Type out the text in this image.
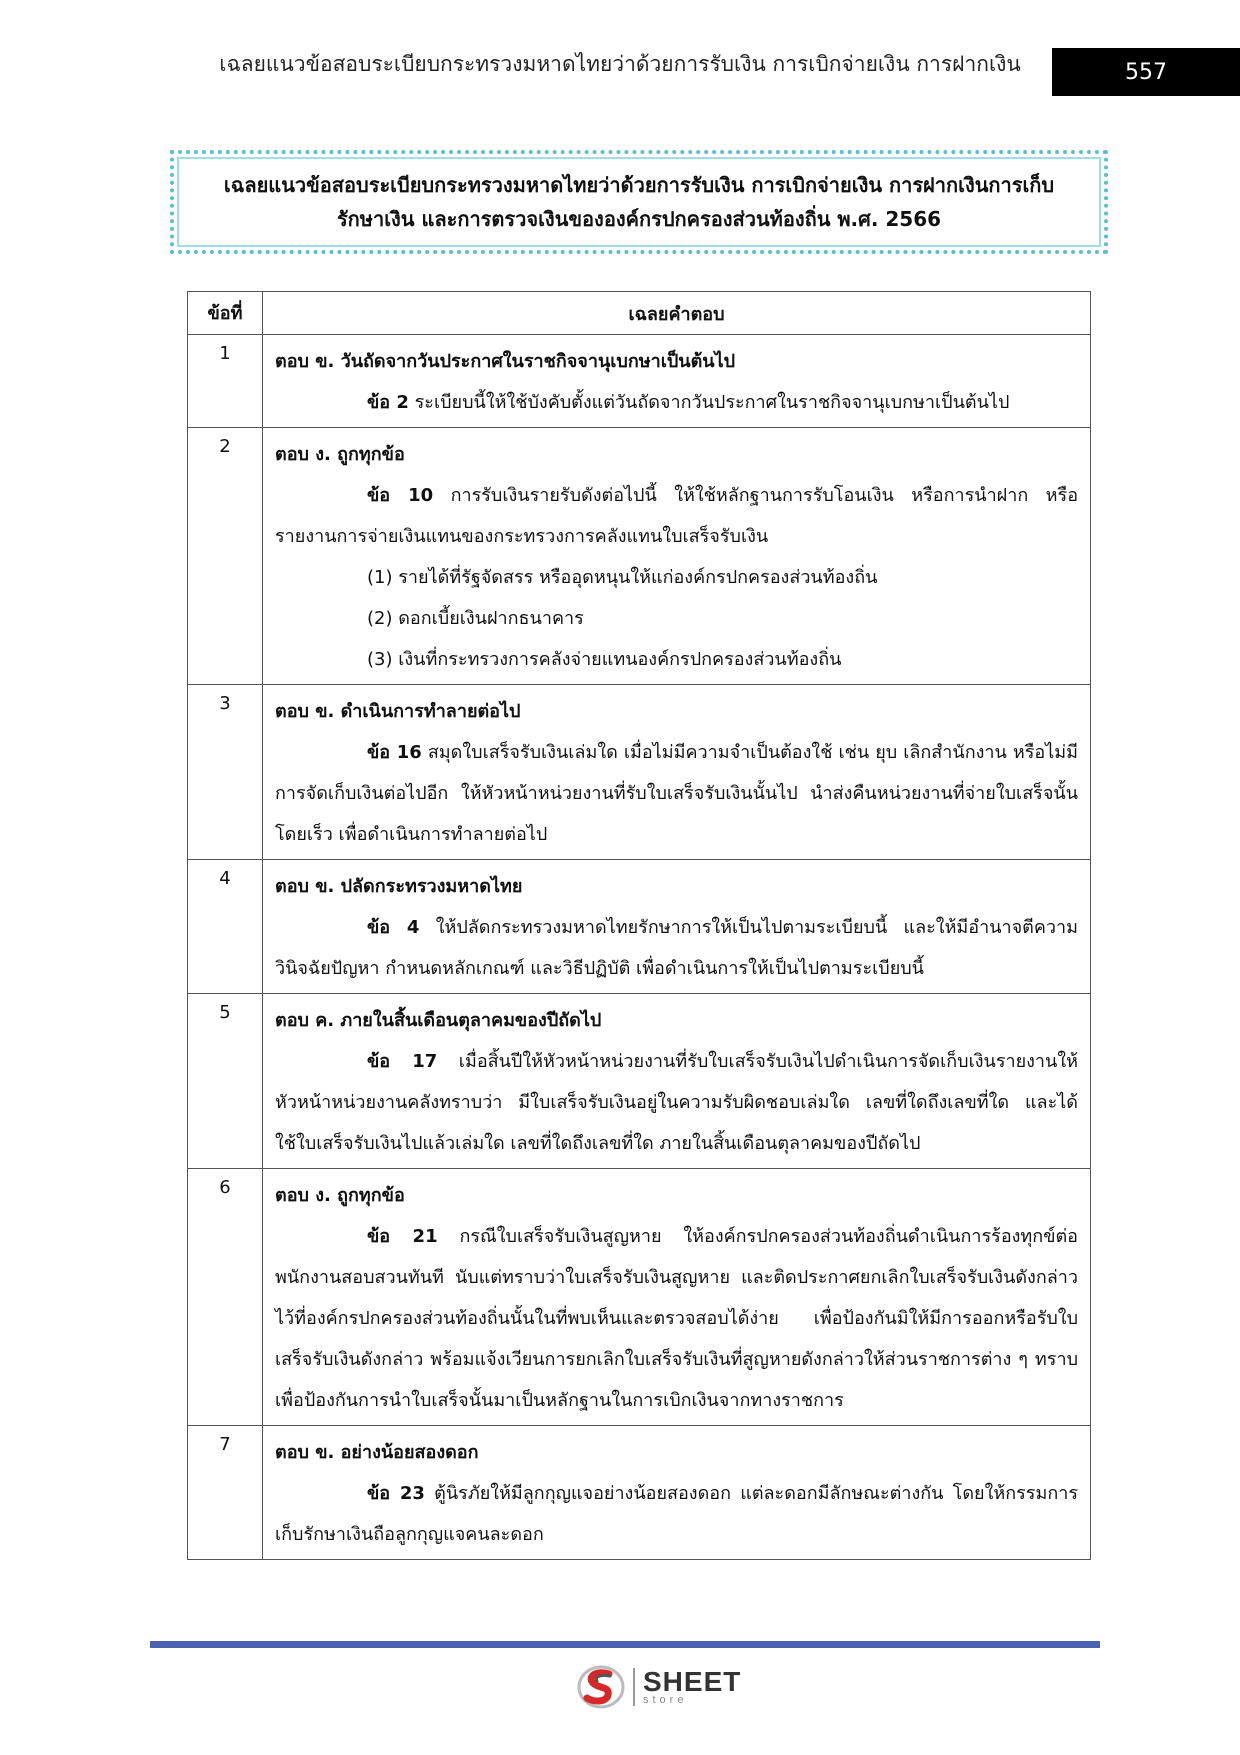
เฉลยแนวข้อสอบระเบียบกระทรวงมหาดไทยว่าด้วยการรับเงิน การเบิกจ่ายเงิน การฝากเงิน	557
เฉลยแนวข้อสอบระเบียบกระทรวงมหาดไทยว่าด้วยการรับเงิน การเบิกจ่ายเงิน การฝากเงินการเก็บ
รักษาเงิน และการตรวจเงินขององค์กรปกครองส่วนท้องถิ่น พ.ศ. 2566
ข้อที่	เฉลยคำตอบ
1	ตอบ ข. วันถัดจากวันประกาศในราชกิจจานุเบกษาเป็นต้นไป
ข้อ 2 ระเบียบนี้ให้ใช้บังคับตั้งแต่วันถัดจากวันประกาศในราชกิจจานุเบกษาเป็นต้นไป

2	ตอบ ง. ถูกทุกข้อ
ข้อ 10 การรับเงินรายรับดังต่อไปนี้ ให้ใช้หลักฐานการรับโอนเงิน หรือการนำฝาก หรือรายงานการจ่ายเงินแทนของกระทรวงการคลังแทนใบเสร็จรับเงิน
(1) รายได้ที่รัฐจัดสรร หรืออุดหนุนให้แก่องค์กรปกครองส่วนท้องถิ่น
(2) ดอกเบี้ยเงินฝากธนาคาร
(3) เงินที่กระทรวงการคลังจ่ายแทนองค์กรปกครองส่วนท้องถิ่น

3	ตอบ ข. ดำเนินการทำลายต่อไป
ข้อ 16 สมุดใบเสร็จรับเงินเล่มใด เมื่อไม่มีความจำเป็นต้องใช้ เช่น ยุบ เลิกสำนักงาน หรือไม่มีการจัดเก็บเงินต่อไปอีก ให้หัวหน้าหน่วยงานที่รับใบเสร็จรับเงินนั้นไป นำส่งคืนหน่วยงานที่จ่ายใบเสร็จนั้นโดยเร็ว เพื่อดำเนินการทำลายต่อไป

4	ตอบ ข. ปลัดกระทรวงมหาดไทย
ข้อ 4 ให้ปลัดกระทรวงมหาดไทยรักษาการให้เป็นไปตามระเบียบนี้ และให้มีอำนาจตีความวินิจฉัยปัญหา กำหนดหลักเกณฑ์ และวิธีปฏิบัติ เพื่อดำเนินการให้เป็นไปตามระเบียบนี้

5	ตอบ ค. ภายในสิ้นเดือนตุลาคมของปีถัดไป
ข้อ 17 เมื่อสิ้นปีให้หัวหน้าหน่วยงานที่รับใบเสร็จรับเงินไปดำเนินการจัดเก็บเงินรายงานให้หัวหน้าหน่วยงานคลังทราบว่า มีใบเสร็จรับเงินอยู่ในความรับผิดชอบเล่มใด เลขที่ใดถึงเลขที่ใด และได้ใช้ใบเสร็จรับเงินไปแล้วเล่มใด เลขที่ใดถึงเลขที่ใด ภายในสิ้นเดือนตุลาคมของปีถัดไป

6	ตอบ ง. ถูกทุกข้อ
ข้อ 21 กรณีใบเสร็จรับเงินสูญหาย ให้องค์กรปกครองส่วนท้องถิ่นดำเนินการร้องทุกข์ต่อพนักงานสอบสวนทันที นับแต่ทราบว่าใบเสร็จรับเงินสูญหาย และติดประกาศยกเลิกใบเสร็จรับเงินดังกล่าวไว้ที่องค์กรปกครองส่วนท้องถิ่นนั้นในที่พบเห็นและตรวจสอบได้ง่าย เพื่อป้องกันมิให้มีการออกหรือรับใบเสร็จรับเงินดังกล่าว พร้อมแจ้งเวียนการยกเลิกใบเสร็จรับเงินที่สูญหายดังกล่าวให้ส่วนราชการต่าง ๆ ทราบ เพื่อป้องกันการนำใบเสร็จนั้นมาเป็นหลักฐานในการเบิกเงินจากทางราชการ

7	ตอบ ข. อย่างน้อยสองดอก
ข้อ 23 ตู้นิรภัยให้มีลูกกุญแจอย่างน้อยสองดอก แต่ละดอกมีลักษณะต่างกัน โดยให้กรรมการเก็บรักษาเงินถือลูกกุญแจคนละดอก
SHEET
store
